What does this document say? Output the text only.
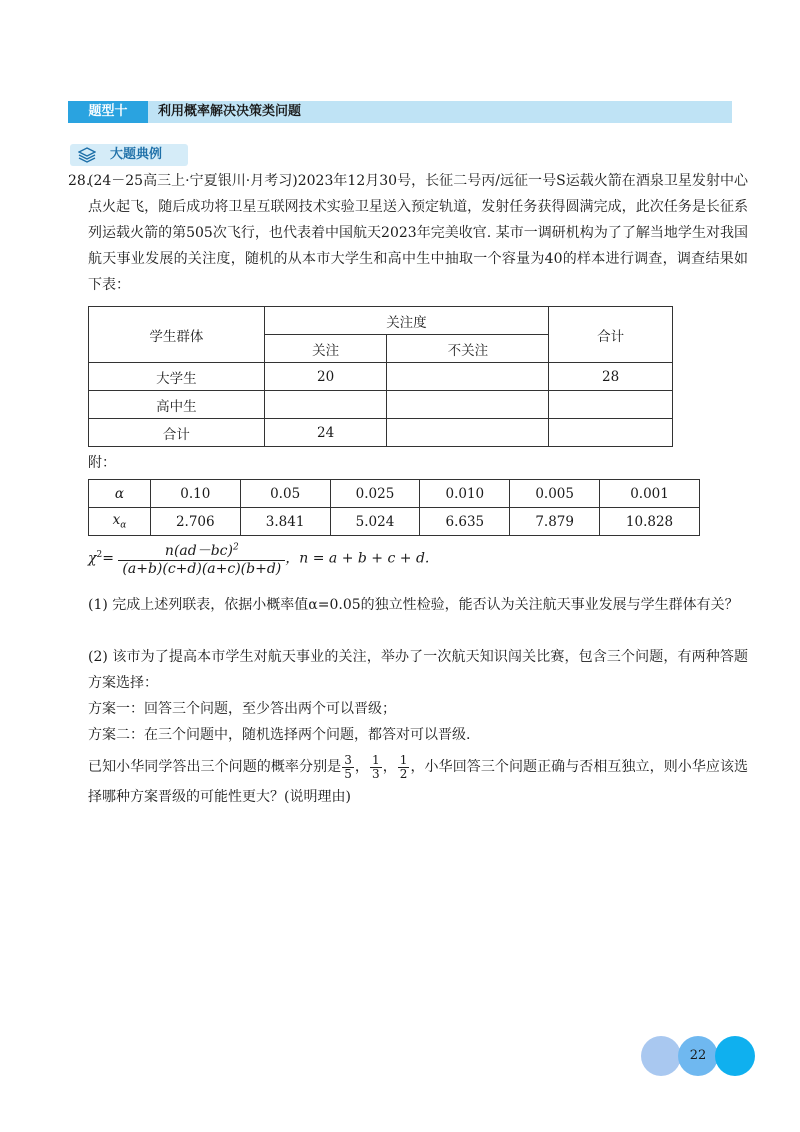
题型十	利用概率解决决策类问题
大题典例
28.
(24－25高三上·宁夏银川·月考习)2023年12月30号，长征二号丙/远征一号S运载火箭在酒泉卫星发射中心点火起飞，随后成功将卫星互联网技术实验卫星送入预定轨道，发射任务获得圆满完成，此次任务是长征系列运载火箭的第505次飞行，也代表着中国航天2023年完美收官. 某市一调研机构为了了解当地学生对我国航天事业发展的关注度，随机的从本市大学生和高中生中抽取一个容量为40的样本进行调查，调查结果如下表：
学生群体	关注度		合计
	关注	不关注	
大学生	20		28
高中生			
合计	24		
附：
α	0.10	0.05	0.025	0.010	0.005	0.001
$x_\alpha$	2.706	3.841	5.024	6.635	7.879	10.828
$\chi^2= \frac{n(ad-bc)^2}{(a+b)(c+d)(a+c)(b+d)}$ ，n = a + b + c + d.
(1) 完成上述列联表，依据小概率值α=0.05的独立性检验，能否认为关注航天事业发展与学生群体有关？
(2) 该市为了提高本市学生对航天事业的关注，举办了一次航天知识闯关比赛，包含三个问题，有两种答题方案选择：
方案一：回答三个问题，至少答出两个可以晋级；
方案二：在三个问题中，随机选择两个问题，都答对可以晋级.
已知小华同学答出三个问题的概率分别是 $\frac{3}{5}$ ， $\frac{1}{3}$ ， $\frac{1}{2}$ ，小华回答三个问题正确与否相互独立，则小华应该选择哪种方案晋级的可能性更大？(说明理由)
22
